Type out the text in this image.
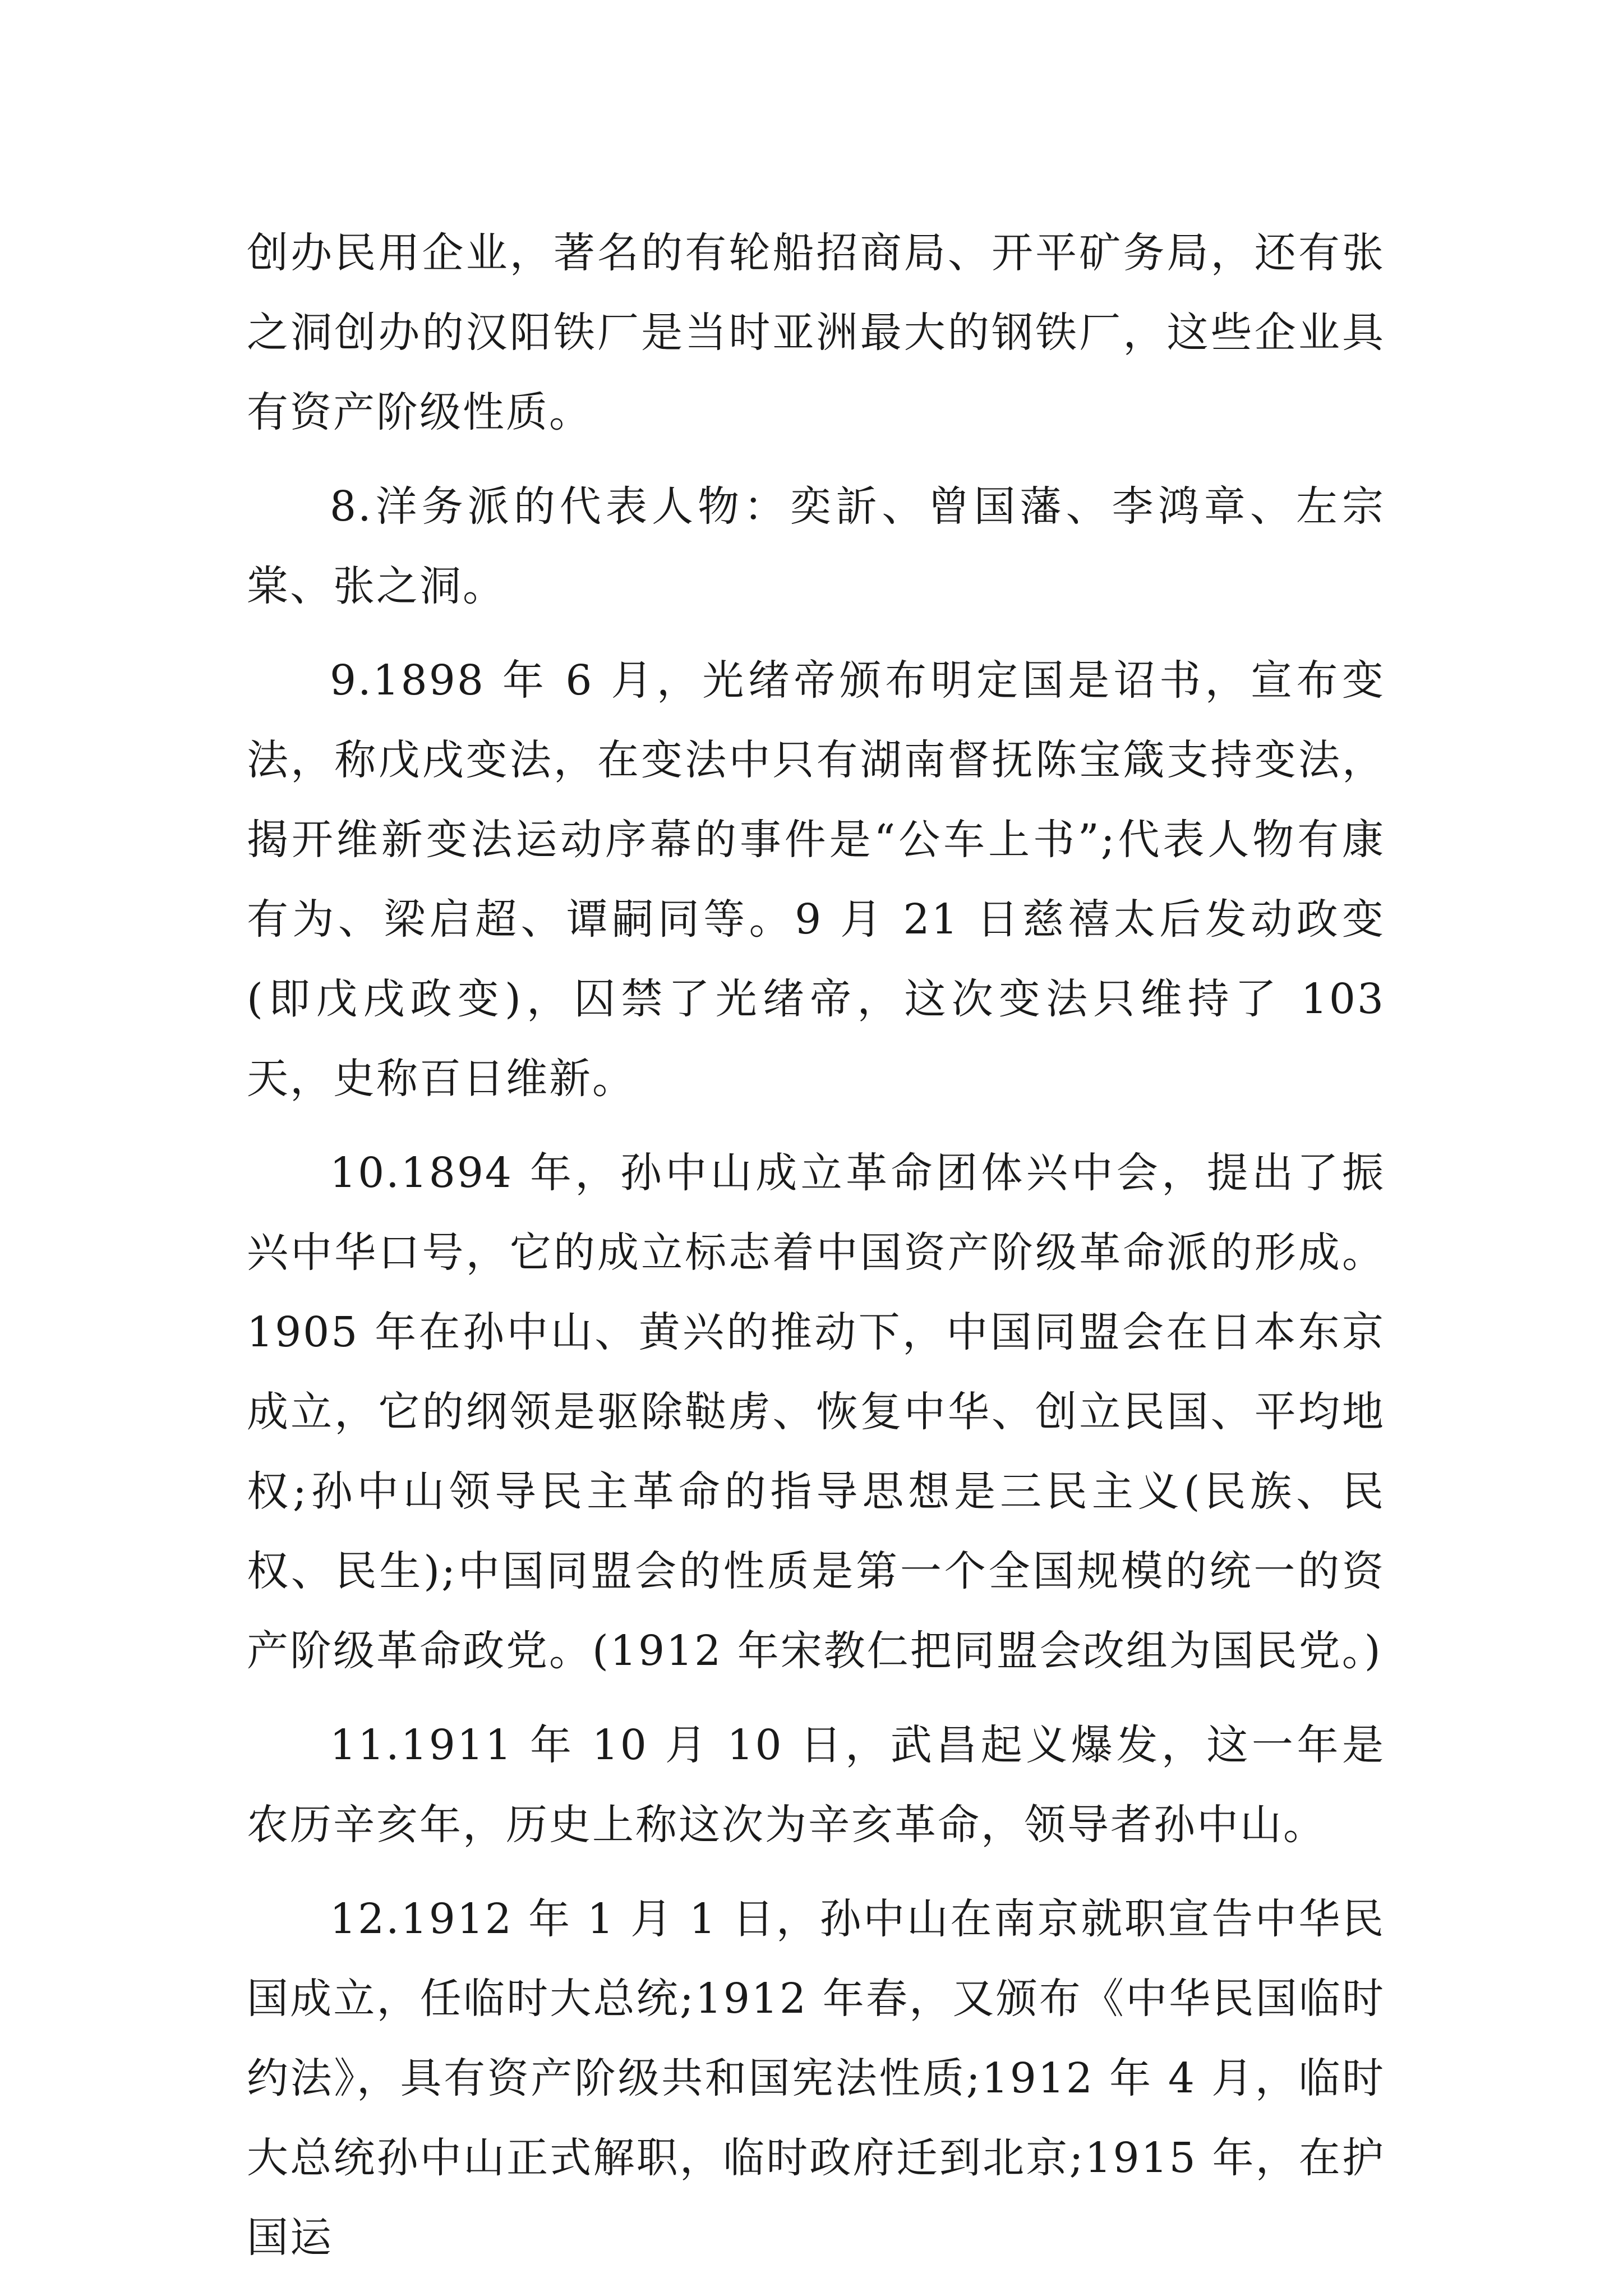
创办民用企业，著名的有轮船招商局、开平矿务局，还有张之洞创办的汉阳铁厂是当时亚洲最大的钢铁厂，这些企业具有资产阶级性质。

8.洋务派的代表人物：奕訢、曾国藩、李鸿章、左宗棠、张之洞。

9.1898 年 6 月，光绪帝颁布明定国是诏书，宣布变法，称戊戌变法，在变法中只有湖南督抚陈宝箴支持变法，揭开维新变法运动序幕的事件是“公车上书”;代表人物有康有为、梁启超、谭嗣同等。9 月 21 日慈禧太后发动政变(即戊戌政变)，囚禁了光绪帝，这次变法只维持了 103 天，史称百日维新。

10.1894 年，孙中山成立革命团体兴中会，提出了振兴中华口号，它的成立标志着中国资产阶级革命派的形成。1905 年在孙中山、黄兴的推动下，中国同盟会在日本东京成立，它的纲领是驱除鞑虏、恢复中华、创立民国、平均地权;孙中山领导民主革命的指导思想是三民主义(民族、民权、民生);中国同盟会的性质是第一个全国规模的统一的资产阶级革命政党。(1912 年宋教仁把同盟会改组为国民党。)

11.1911 年 10 月 10 日，武昌起义爆发，这一年是农历辛亥年，历史上称这次为辛亥革命，领导者孙中山。

12.1912 年 1 月 1 日，孙中山在南京就职宣告中华民国成立，任临时大总统;1912 年春，又颁布《中华民国临时约法》，具有资产阶级共和国宪法性质;1912 年 4 月，临时大总统孙中山正式解职，临时政府迁到北京;1915 年，在护国运
